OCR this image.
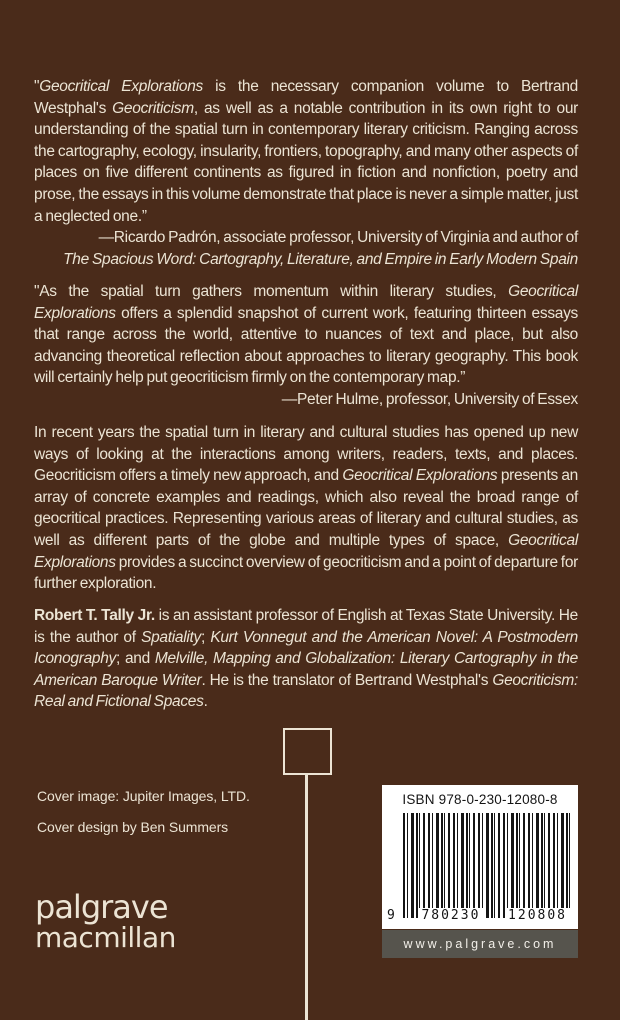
"Geocritical Explorations is the necessary companion volume to Bertrand Westphal's Geocriticism, as well as a notable contribution in its own right to our understanding of the spatial turn in contemporary literary criticism. Ranging across the cartography, ecology, insularity, frontiers, topography, and many other aspects of places on five different continents as figured in fiction and nonfiction, poetry and prose, the essays in this volume demonstrate that place is never a simple matter, just a neglected one.”

—Ricardo Padrón, associate professor, University of Virginia and author of

The Spacious Word: Cartography, Literature, and Empire in Early Modern Spain

"As the spatial turn gathers momentum within literary studies, Geocritical Explorations offers a splendid snapshot of current work, featuring thirteen essays that range across the world, attentive to nuances of text and place, but also advancing theoretical reflection about approaches to literary geography. This book will certainly help put geocriticism firmly on the contemporary map.”

—Peter Hulme, professor, University of Essex

In recent years the spatial turn in literary and cultural studies has opened up new ways of looking at the interactions among writers, readers, texts, and places. Geocriticism offers a timely new approach, and Geocritical Explorations presents an array of concrete examples and readings, which also reveal the broad range of geocritical practices. Representing various areas of literary and cultural studies, as well as different parts of the globe and multiple types of space, Geocritical Explorations provides a succinct overview of geocriticism and a point of departure for further exploration.

Robert T. Tally Jr. is an assistant professor of English at Texas State University. He is the author of Spatiality; Kurt Vonnegut and the American Novel: A Postmodern Iconography; and Melville, Mapping and Globalization: Literary Cartography in the American Baroque Writer. He is the translator of Bertrand Westphal's Geocriticism: Real and Fictional Spaces.

Cover image: Jupiter Images, LTD.

Cover design by Ben Summers

palgrave
macmillan
ISBN 978-0-230-12080-8
9 780230 120808
www.palgrave.com
